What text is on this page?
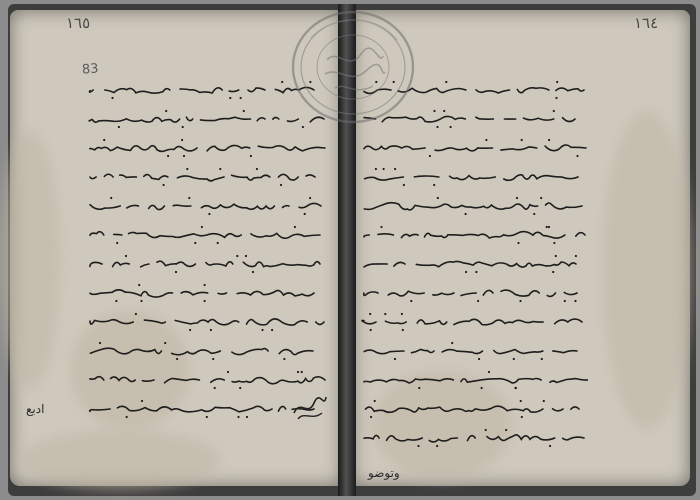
١٦٥	١٦٤
83
ادبع
وتوضو
